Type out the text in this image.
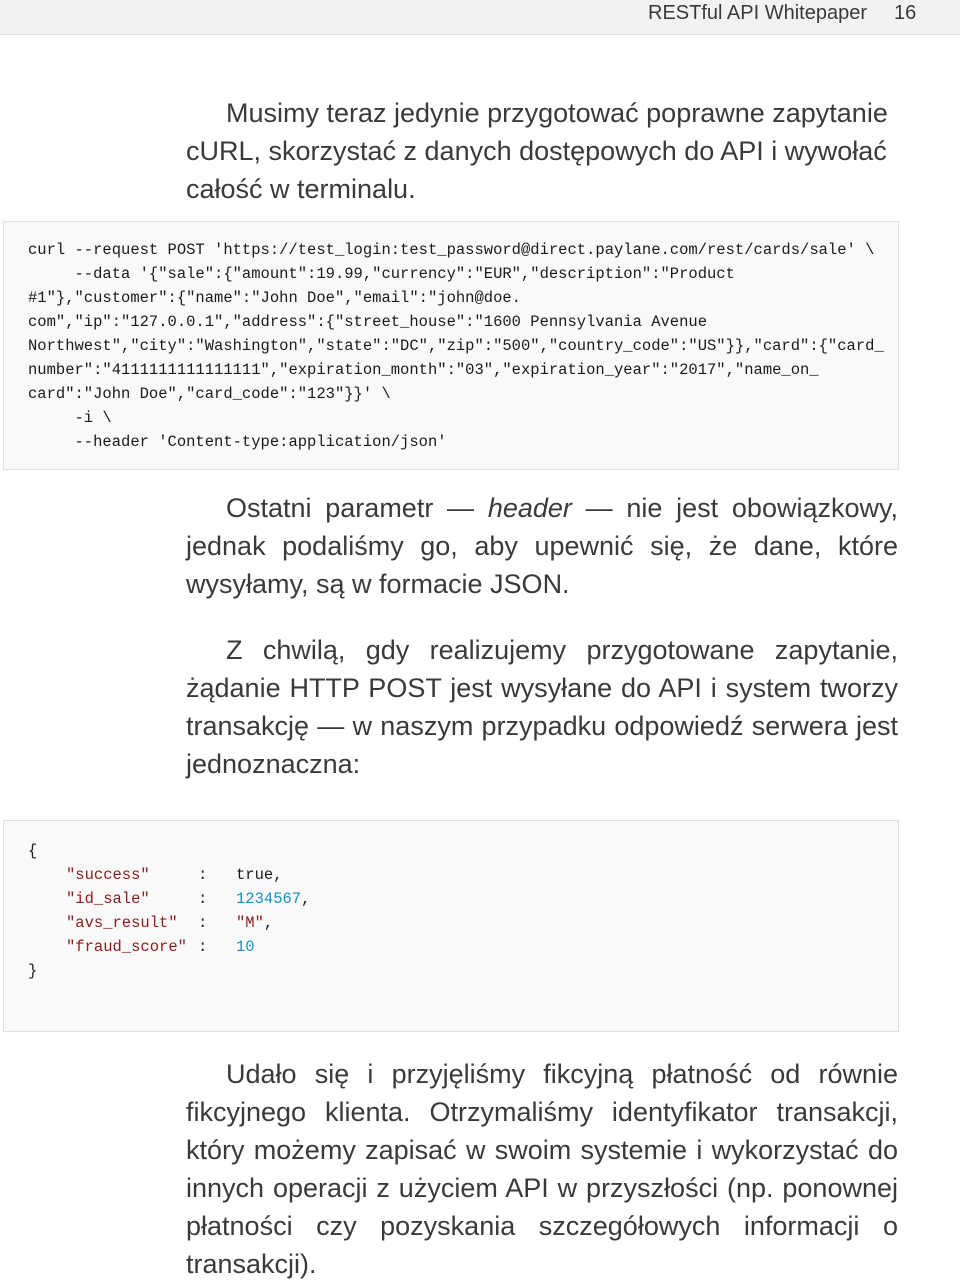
RESTful API Whitepaper 16

Musimy teraz jedynie przygotować poprawne zapytanie cURL, skorzystać z danych dostępowych do API i wywołać całość w terminalu.

curl --request POST 'https://test_login:test_password@direct.paylane.com/rest/cards/sale' \
--data '{"sale":{"amount":19.99,"currency":"EUR","description":"Product
#1"},"customer":{"name":"John Doe","email":"john@doe.
com","ip":"127.0.0.1","address":{"street_house":"1600 Pennsylvania Avenue
Northwest","city":"Washington","state":"DC","zip":"500","country_code":"US"}},"card":{"card_
number":"4111111111111111","expiration_month":"03","expiration_year":"2017","name_on_
card":"John Doe","card_code":"123"}}' \
-i \
--header 'Content-type:application/json'

Ostatni parametr — header — nie jest obowiązkowy, jednak podaliśmy go, aby upewnić się, że dane, które wysyłamy, są w formacie JSON.

Z chwilą, gdy realizujemy przygotowane zapytanie, żądanie HTTP POST jest wysyłane do API i system tworzy transakcję — w naszym przypadku odpowiedź serwera jest jednoznaczna:

{
"success"	: true,
"id_sale"	: 1234567,
"avs_result" : "M",
"fraud_score" : 10
}

Udało się i przyjęliśmy fikcyjną płatność od równie fikcyjnego klienta. Otrzymaliśmy identyfikator transakcji, który możemy zapisać w swoim systemie i wykorzystać do innych operacji z użyciem API w przyszłości (np. ponownej płatności czy pozyskania szczegółowych informacji o transakcji).
